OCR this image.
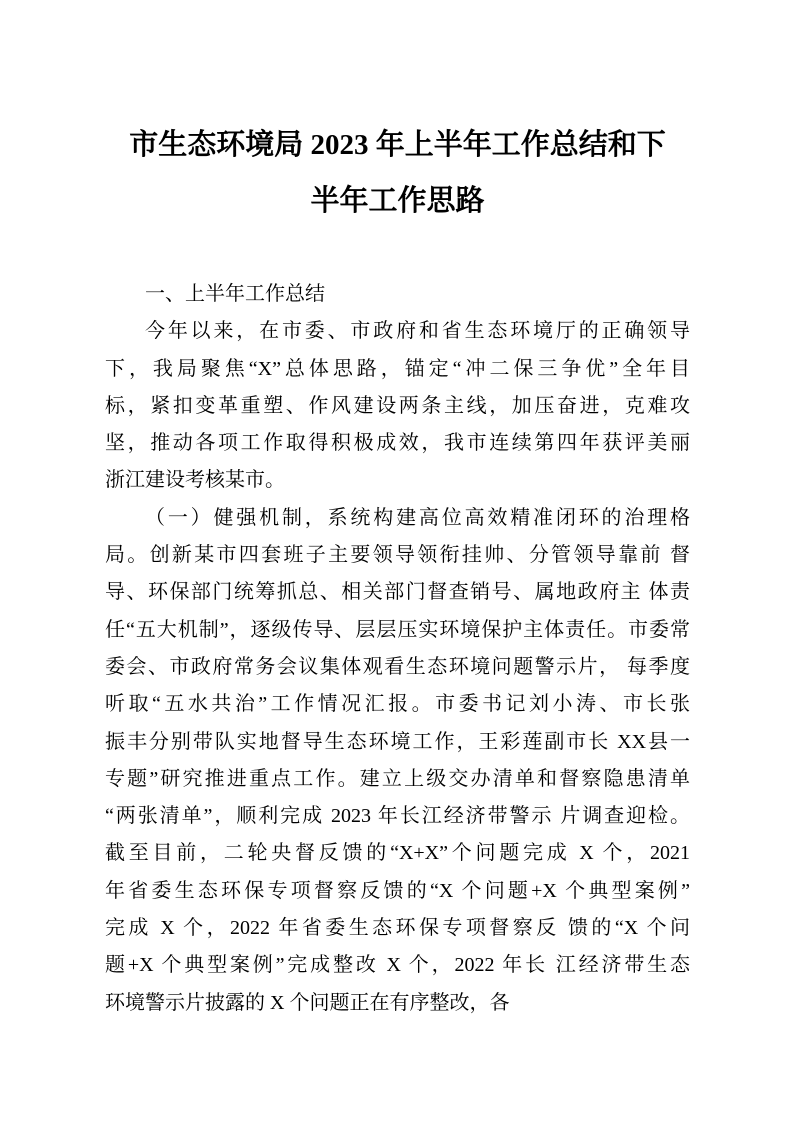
市生态环境局 2023 年上半年工作总结和下
半年工作思路
一、上半年工作总结
今年以来，在市委、市政府和省生态环境厅的正确领导
下，我局聚焦“X”总体思路，锚定“冲二保三争优”全年目
标，紧扣变革重塑、作风建设两条主线，加压奋进，克难攻
坚，推动各项工作取得积极成效，我市连续第四年获评美丽
浙江建设考核某市。
（一）健强机制，系统构建高位高效精准闭环的治理格
局。创新某市四套班子主要领导领衔挂帅、分管领导靠前 督
导、环保部门统筹抓总、相关部门督查销号、属地政府主 体责
任“五大机制”，逐级传导、层层压实环境保护主体责任。市委常
委会、市政府常务会议集体观看生态环境问题警示片， 每季度
听取“五水共治”工作情况汇报。市委书记刘小涛、市长张
振丰分别带队实地督导生态环境工作，王彩莲副市长 XX县一
专题”研究推进重点工作。建立上级交办清单和督察隐患清单
“两张清单”，顺利完成 2023 年长江经济带警示 片调查迎检。
截至目前，二轮央督反馈的“X+X”个问题完成 X 个，2021
年省委生态环保专项督察反馈的“X 个问题+X 个典型案例”
完成 X 个，2022 年省委生态环保专项督察反 馈的“X 个问
题+X 个典型案例”完成整改 X 个，2022 年长 江经济带生态
环境警示片披露的 X 个问题正在有序整改，各
